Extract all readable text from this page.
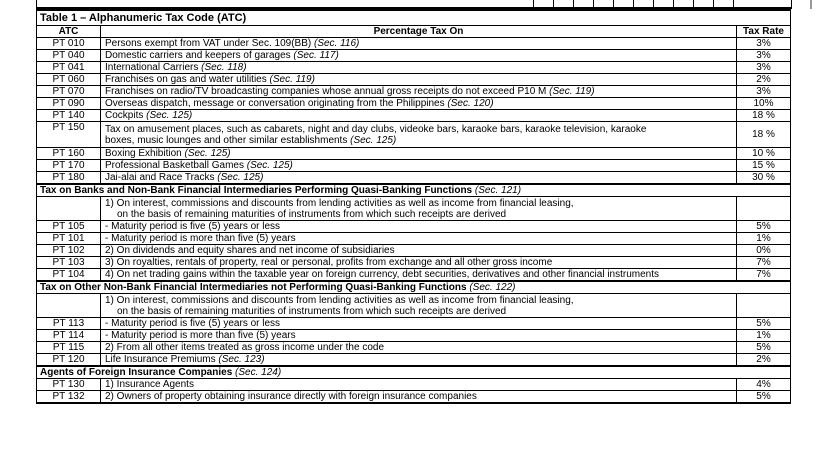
Table 1 – Alphanumeric Tax Code (ATC)		
ATC	Percentage Tax On	Tax Rate
PT 010	Persons exempt from VAT under Sec. 109(BB) (Sec. 116)	3%
PT 040	Domestic carriers and keepers of garages (Sec. 117)	3%
PT 041	International Carriers (Sec. 118)	3%
PT 060	Franchises on gas and water utilities (Sec. 119)	2%
PT 070	Franchises on radio/TV broadcasting companies whose annual gross receipts do not exceed P10 M (Sec. 119)	3%
PT 090	Overseas dispatch, message or conversation originating from the Philippines (Sec. 120)	10%
PT 140	Cockpits (Sec. 125)	18 %
PT 150	Tax on amusement places, such as cabarets, night and day clubs, videoke bars, karaoke bars, karaoke television, karaoke
boxes, music lounges and other similar establishments (Sec. 125)	18 %
PT 160	Boxing Exhibition (Sec. 125)	10 %
PT 170	Professional Basketball Games (Sec. 125)	15 %
PT 180	Jai-alai and Race Tracks (Sec. 125)	30 %
Tax on Banks and Non-Bank Financial Intermediaries Performing Quasi-Banking Functions (Sec. 121)		

	1) On interest, commissions and discounts from lending activities as well as income from financial leasing,
on the basis of remaining maturities of instruments from which such receipts are derived	

PT 105	- Maturity period is five (5) years or less	5%
PT 101	- Maturity period is more than five (5) years	1%
PT 102	2) On dividends and equity shares and net income of subsidiaries	0%
PT 103	3) On royalties, rentals of property, real or personal, profits from exchange and all other gross income	7%
PT 104	4) On net trading gains within the taxable year on foreign currency, debt securities, derivatives and other financial instruments	7%
Tax on Other Non-Bank Financial Intermediaries not Performing Quasi-Banking Functions (Sec. 122)		

	1) On interest, commissions and discounts from lending activities as well as income from financial leasing,
on the basis of remaining maturities of instruments from which such receipts are derived	

PT 113	- Maturity period is five (5) years or less	5%
PT 114	- Maturity period is more than five (5) years	1%
PT 115	2) From all other items treated as gross income under the code	5%
PT 120	Life Insurance Premiums (Sec. 123)	2%
Agents of Foreign Insurance Companies (Sec. 124)		
PT 130	1) Insurance Agents	4%
PT 132	2) Owners of property obtaining insurance directly with foreign insurance companies	5%
